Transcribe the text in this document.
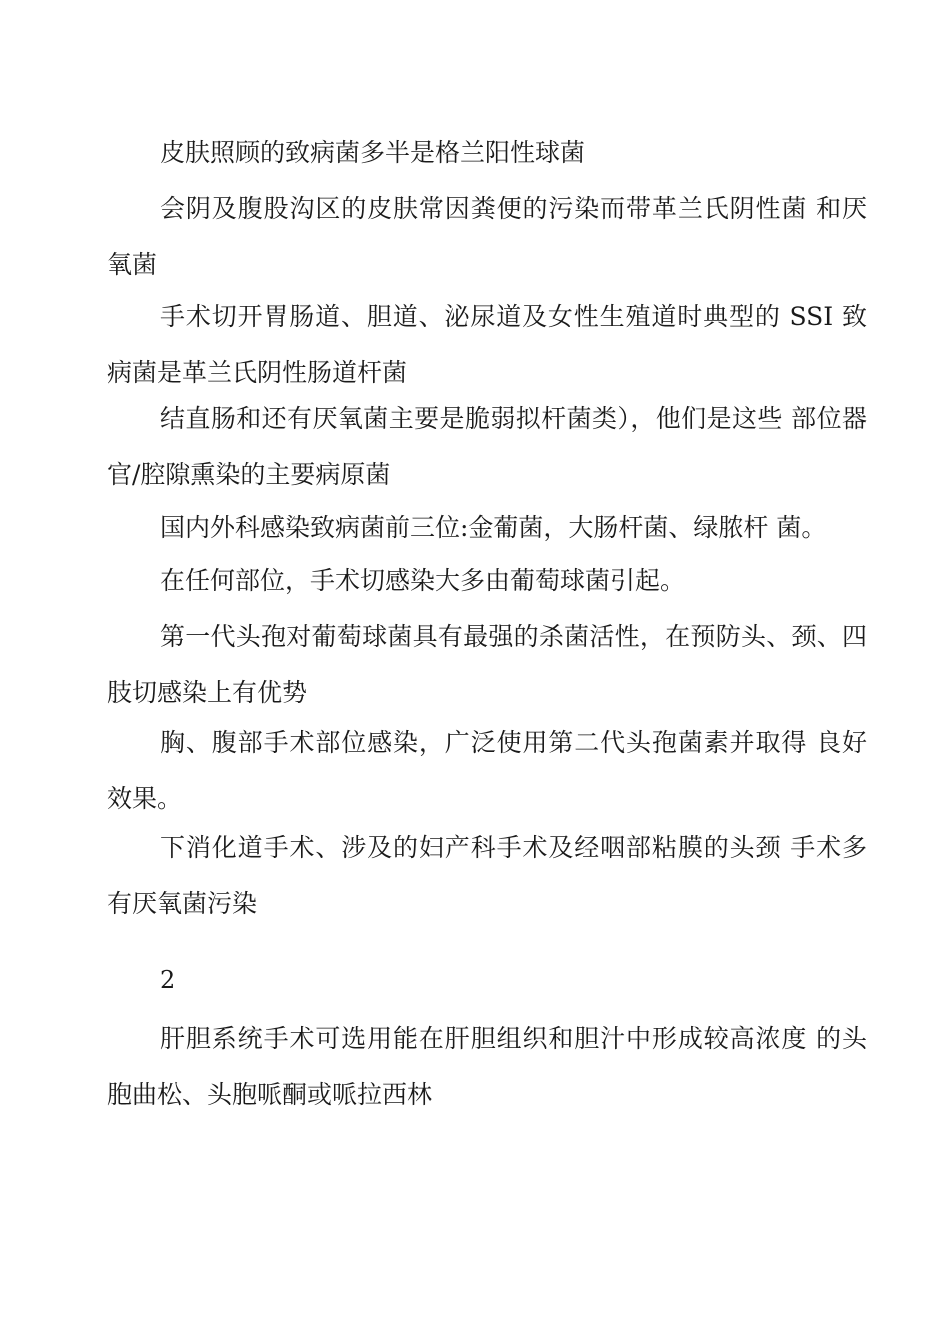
皮肤照顾的致病菌多半是格兰阳性球菌

会阴及腹股沟区的皮肤常因粪便的污染而带革兰氏阴性菌 和厌氧菌

手术切开胃肠道、胆道、泌尿道及女性生殖道时典型的 SSI 致病菌是革兰氏阴性肠道杆菌

结直肠和还有厌氧菌主要是脆弱拟杆菌类），他们是这些 部位器官/腔隙熏染的主要病原菌

国内外科感染致病菌前三位:金葡菌，大肠杆菌、绿脓杆 菌。

在任何部位，手术切感染大多由葡萄球菌引起。

第一代头孢对葡萄球菌具有最强的杀菌活性，在预防头、颈、四肢切感染上有优势

胸、腹部手术部位感染，广泛使用第二代头孢菌素并取得 良好效果。

下消化道手术、涉及的妇产科手术及经咽部粘膜的头颈 手术多有厌氧菌污染

2

肝胆系统手术可选用能在肝胆组织和胆汁中形成较高浓度 的头胞曲松、头胞哌酮或哌拉西林
